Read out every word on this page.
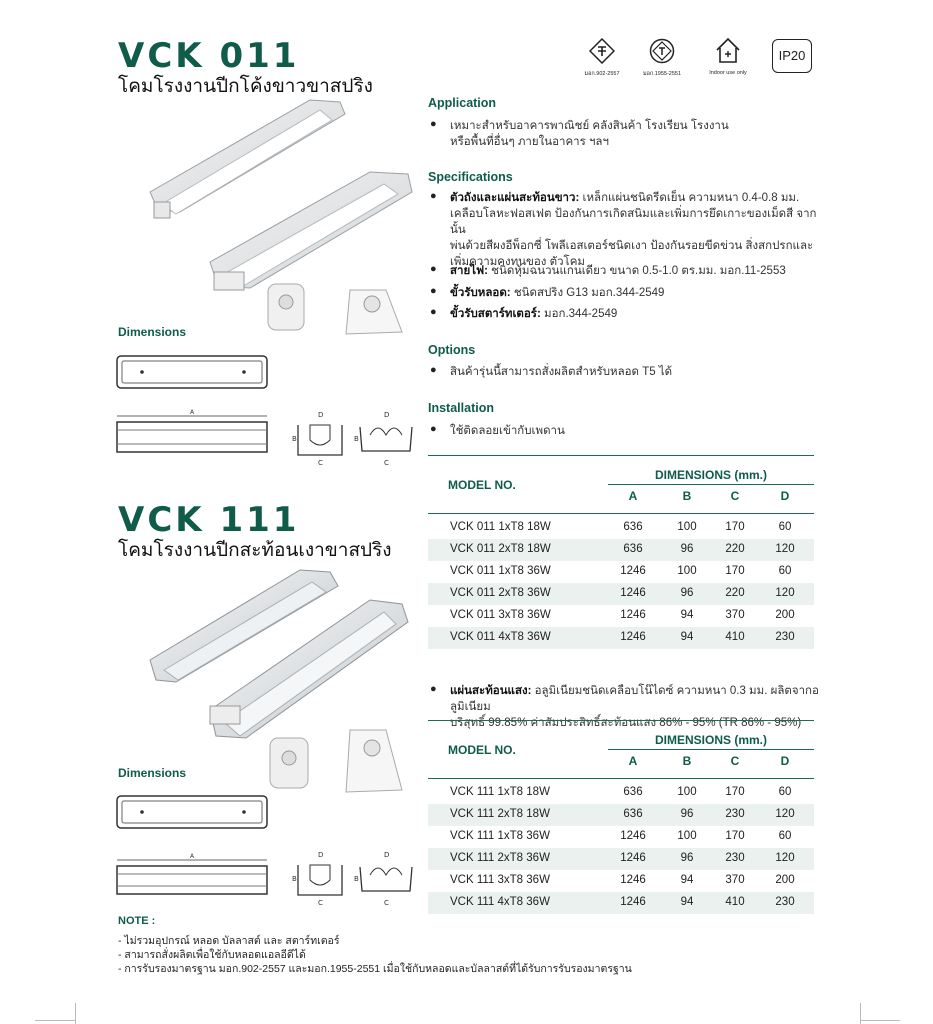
มอก.902-2557	มอก.1955-2551	Indoor use only
IP20
VCK 011
โคมโรงงานปีกโค้งขาวขาสปริง
Dimensions
A	D
B
C
D
B
C
Application
●	เหมาะสำหรับอาคารพาณิชย์ คลังสินค้า โรงเรียน โรงงาน
หรือพื้นที่อื่นๆ ภายในอาคาร ฯลฯ
Specifications
●	ตัวถังและแผ่นสะท้อนขาว: เหล็กแผ่นชนิดรีดเย็น ความหนา 0.4-0.8 มม.
เคลือบโลหะฟอสเฟต ป้องกันการเกิดสนิมและเพิ่มการยึดเกาะของเม็ดสี จากนั้น
พ่นด้วยสีผงอีพ็อกซี่ โพลีเอสเตอร์ชนิดเงา ป้องกันรอยขีดข่วน สิ่งสกปรกและ
เพิ่มความคงทนของ ตัวโคม
●	สายไฟ: ชนิดหุ้มฉนวนแกนเดียว ขนาด 0.5-1.0 ตร.มม. มอก.11-2553
●	ขั้วรับหลอด: ชนิดสปริง G13 มอก.344-2549
●	ขั้วรับสตาร์ทเตอร์: มอก.344-2549
Options
●	สินค้ารุ่นนี้สามารถสั่งผลิตสำหรับหลอด T5 ได้
Installation
●	ใช้ติดลอยเข้ากับเพดาน
MODEL NO.
DIMENSIONS (mm.)
A	B	C	D
VCK 011 1xT8 18W	636	100	170	60
VCK 011 2xT8 18W	636	96	220	120
VCK 011 1xT8 36W	1246	100	170	60
VCK 011 2xT8 36W	1246	96	220	120
VCK 011 3xT8 36W	1246	94	370	200
VCK 011 4xT8 36W	1246	94	410	230
VCK 111
โคมโรงงานปีกสะท้อนเงาขาสปริง
Dimensions
A	D
B
C
D
B
C
●	แผ่นสะท้อนแสง: อลูมิเนียมชนิดเคลือบโน๊ไดซ์ ความหนา 0.3 มม. ผลิตจากอลูมิเนียม
บริสุทธิ์ 99.85% ค่าสัมประสิทธิ์สะท้อนแสง 86% - 95% (TR 86% - 95%)
MODEL NO.
DIMENSIONS (mm.)
A	B	C	D
VCK 111 1xT8 18W	636	100	170	60
VCK 111 2xT8 18W	636	96	230	120
VCK 111 1xT8 36W	1246	100	170	60
VCK 111 2xT8 36W	1246	96	230	120
VCK 111 3xT8 36W	1246	94	370	200
VCK 111 4xT8 36W	1246	94	410	230
NOTE :
- ไม่รวมอุปกรณ์ หลอด บัลลาสต์ และ สตาร์ทเตอร์
- สามารถสั่งผลิตเพื่อใช้กับหลอดแอลอีดีได้
- การรับรองมาตรฐาน มอก.902-2557 และมอก.1955-2551 เมื่อใช้กับหลอดและบัลลาสต์ที่ได้รับการรับรองมาตรฐาน
